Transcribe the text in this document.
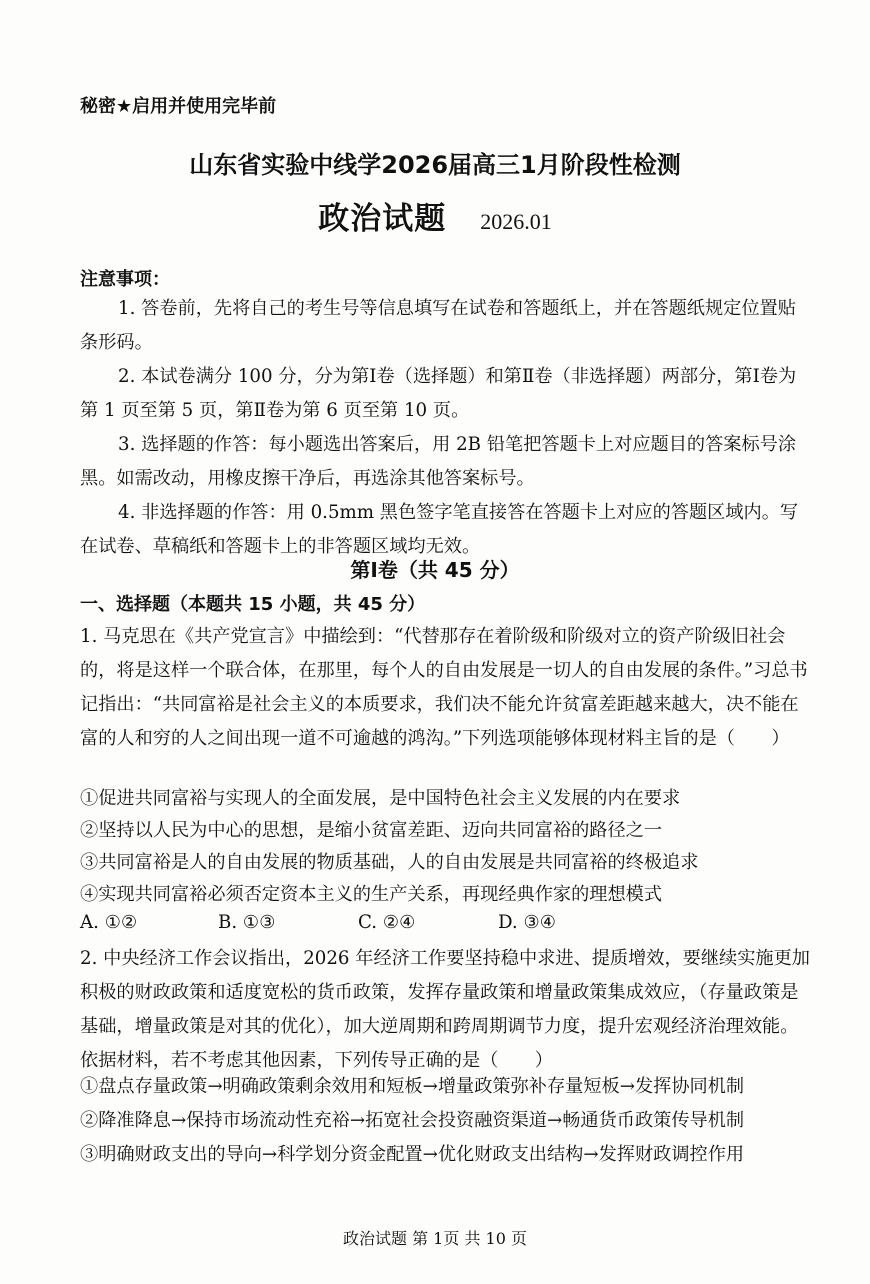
秘密★启用并使用完毕前
山东省实验中线学2026届高三1月阶段性检测
政治试题 2026.01
注意事项：
1. 答卷前，先将自己的考生号等信息填写在试卷和答题纸上，并在答题纸规定位置贴条形码。
2. 本试卷满分 100 分，分为第Ⅰ卷（选择题）和第Ⅱ卷（非选择题）两部分，第Ⅰ卷为第 1 页至第 5 页，第Ⅱ卷为第 6 页至第 10 页。
3. 选择题的作答：每小题选出答案后，用 2B 铅笔把答题卡上对应题目的答案标号涂黑。如需改动，用橡皮擦干净后，再选涂其他答案标号。
4. 非选择题的作答：用 0.5mm 黑色签字笔直接答在答题卡上对应的答题区域内。写在试卷、草稿纸和答题卡上的非答题区域均无效。
第Ⅰ卷（共 45 分）
一、选择题（本题共 15 小题，共 45 分）
1. 马克思在《共产党宣言》中描绘到：“代替那存在着阶级和阶级对立的资产阶级旧社会的，将是这样一个联合体，在那里，每个人的自由发展是一切人的自由发展的条件。”习总书记指出：“共同富裕是社会主义的本质要求，我们决不能允许贫富差距越来越大，决不能在富的人和穷的人之间出现一道不可逾越的鸿沟。”下列选项能够体现材料主旨的是（　　）
①促进共同富裕与实现人的全面发展，是中国特色社会主义发展的内在要求
②坚持以人民为中心的思想，是缩小贫富差距、迈向共同富裕的路径之一
③共同富裕是人的自由发展的物质基础，人的自由发展是共同富裕的终极追求
④实现共同富裕必须否定资本主义的生产关系，再现经典作家的理想模式
A. ①②	B. ①③	C. ②④	D. ③④
2. 中央经济工作会议指出，2026 年经济工作要坚持稳中求进、提质增效，要继续实施更加积极的财政政策和适度宽松的货币政策，发挥存量政策和增量政策集成效应，（存量政策是基础，增量政策是对其的优化），加大逆周期和跨周期调节力度，提升宏观经济治理效能。依据材料，若不考虑其他因素，下列传导正确的是（　　）
①盘点存量政策→明确政策剩余效用和短板→增量政策弥补存量短板→发挥协同机制
②降准降息→保持市场流动性充裕→拓宽社会投资融资渠道→畅通货币政策传导机制
③明确财政支出的导向→科学划分资金配置→优化财政支出结构→发挥财政调控作用
政治试题 第 1页 共 10 页
